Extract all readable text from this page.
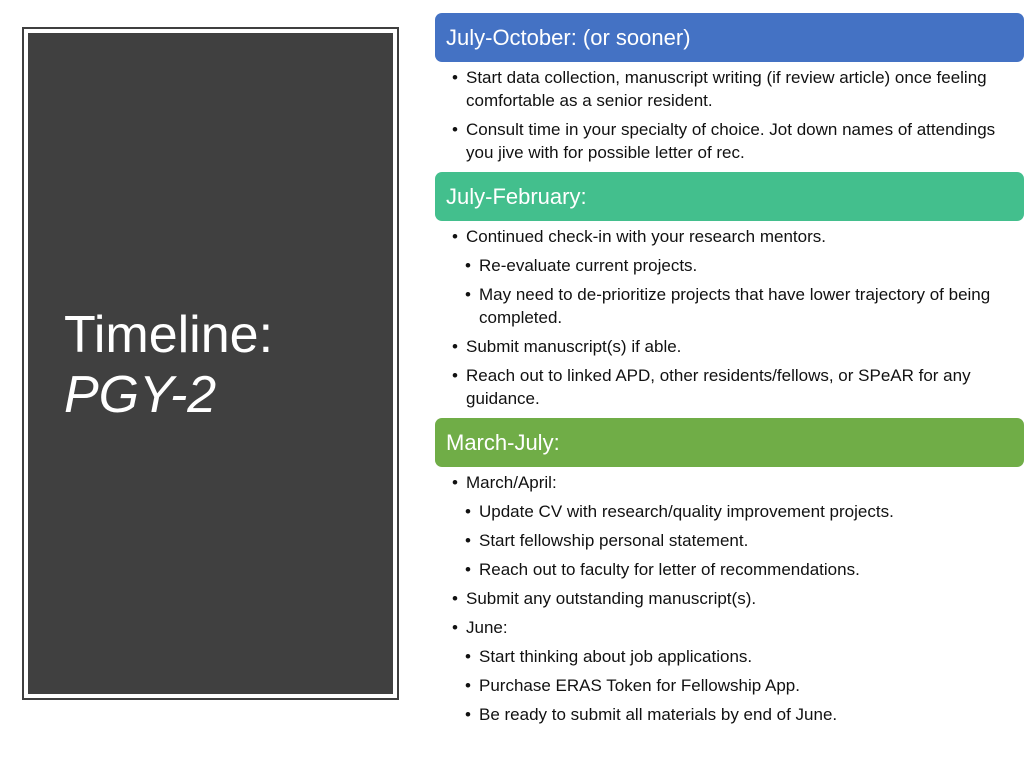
Timeline:
PGY-2
July-October: (or sooner)
• Start data collection, manuscript writing (if review article) once feeling comfortable as a senior resident.
• Consult time in your specialty of choice. Jot down names of attendings you jive with for possible letter of rec.
July-February:
• Continued check-in with your research mentors.
• Re-evaluate current projects.
• May need to de-prioritize projects that have lower trajectory of being completed.
• Submit manuscript(s) if able.
• Reach out to linked APD, other residents/fellows, or SPeAR for any guidance.
March-July:
• March/April:
• Update CV with research/quality improvement projects.
• Start fellowship personal statement.
• Reach out to faculty for letter of recommendations.
• Submit any outstanding manuscript(s).
• June:
• Start thinking about job applications.
• Purchase ERAS Token for Fellowship App.
• Be ready to submit all materials by end of June.
